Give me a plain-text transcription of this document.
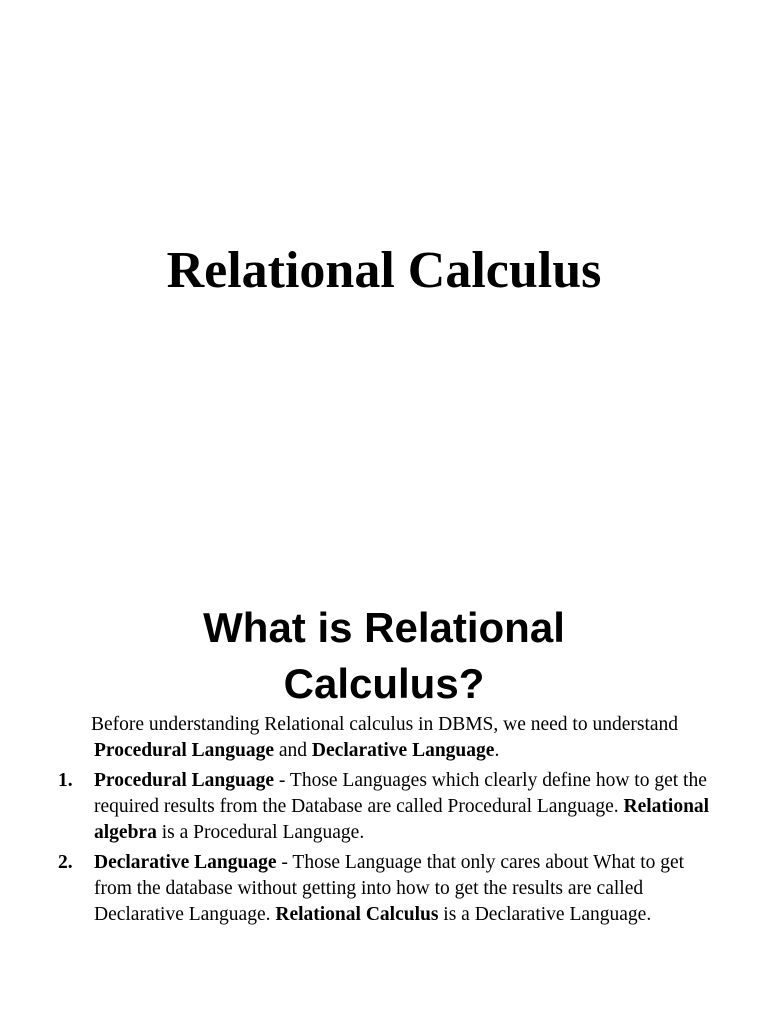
Relational Calculus
What is Relational
Calculus?

Before understanding Relational calculus in DBMS, we need to understand Procedural Language and Declarative Language.

1. Procedural Language - Those Languages which clearly define how to get the required results from the Database are called Procedural Language. Relational algebra is a Procedural Language.
2. Declarative Language - Those Language that only cares about What to get from the database without getting into how to get the results are called Declarative Language. Relational Calculus is a Declarative Language.
